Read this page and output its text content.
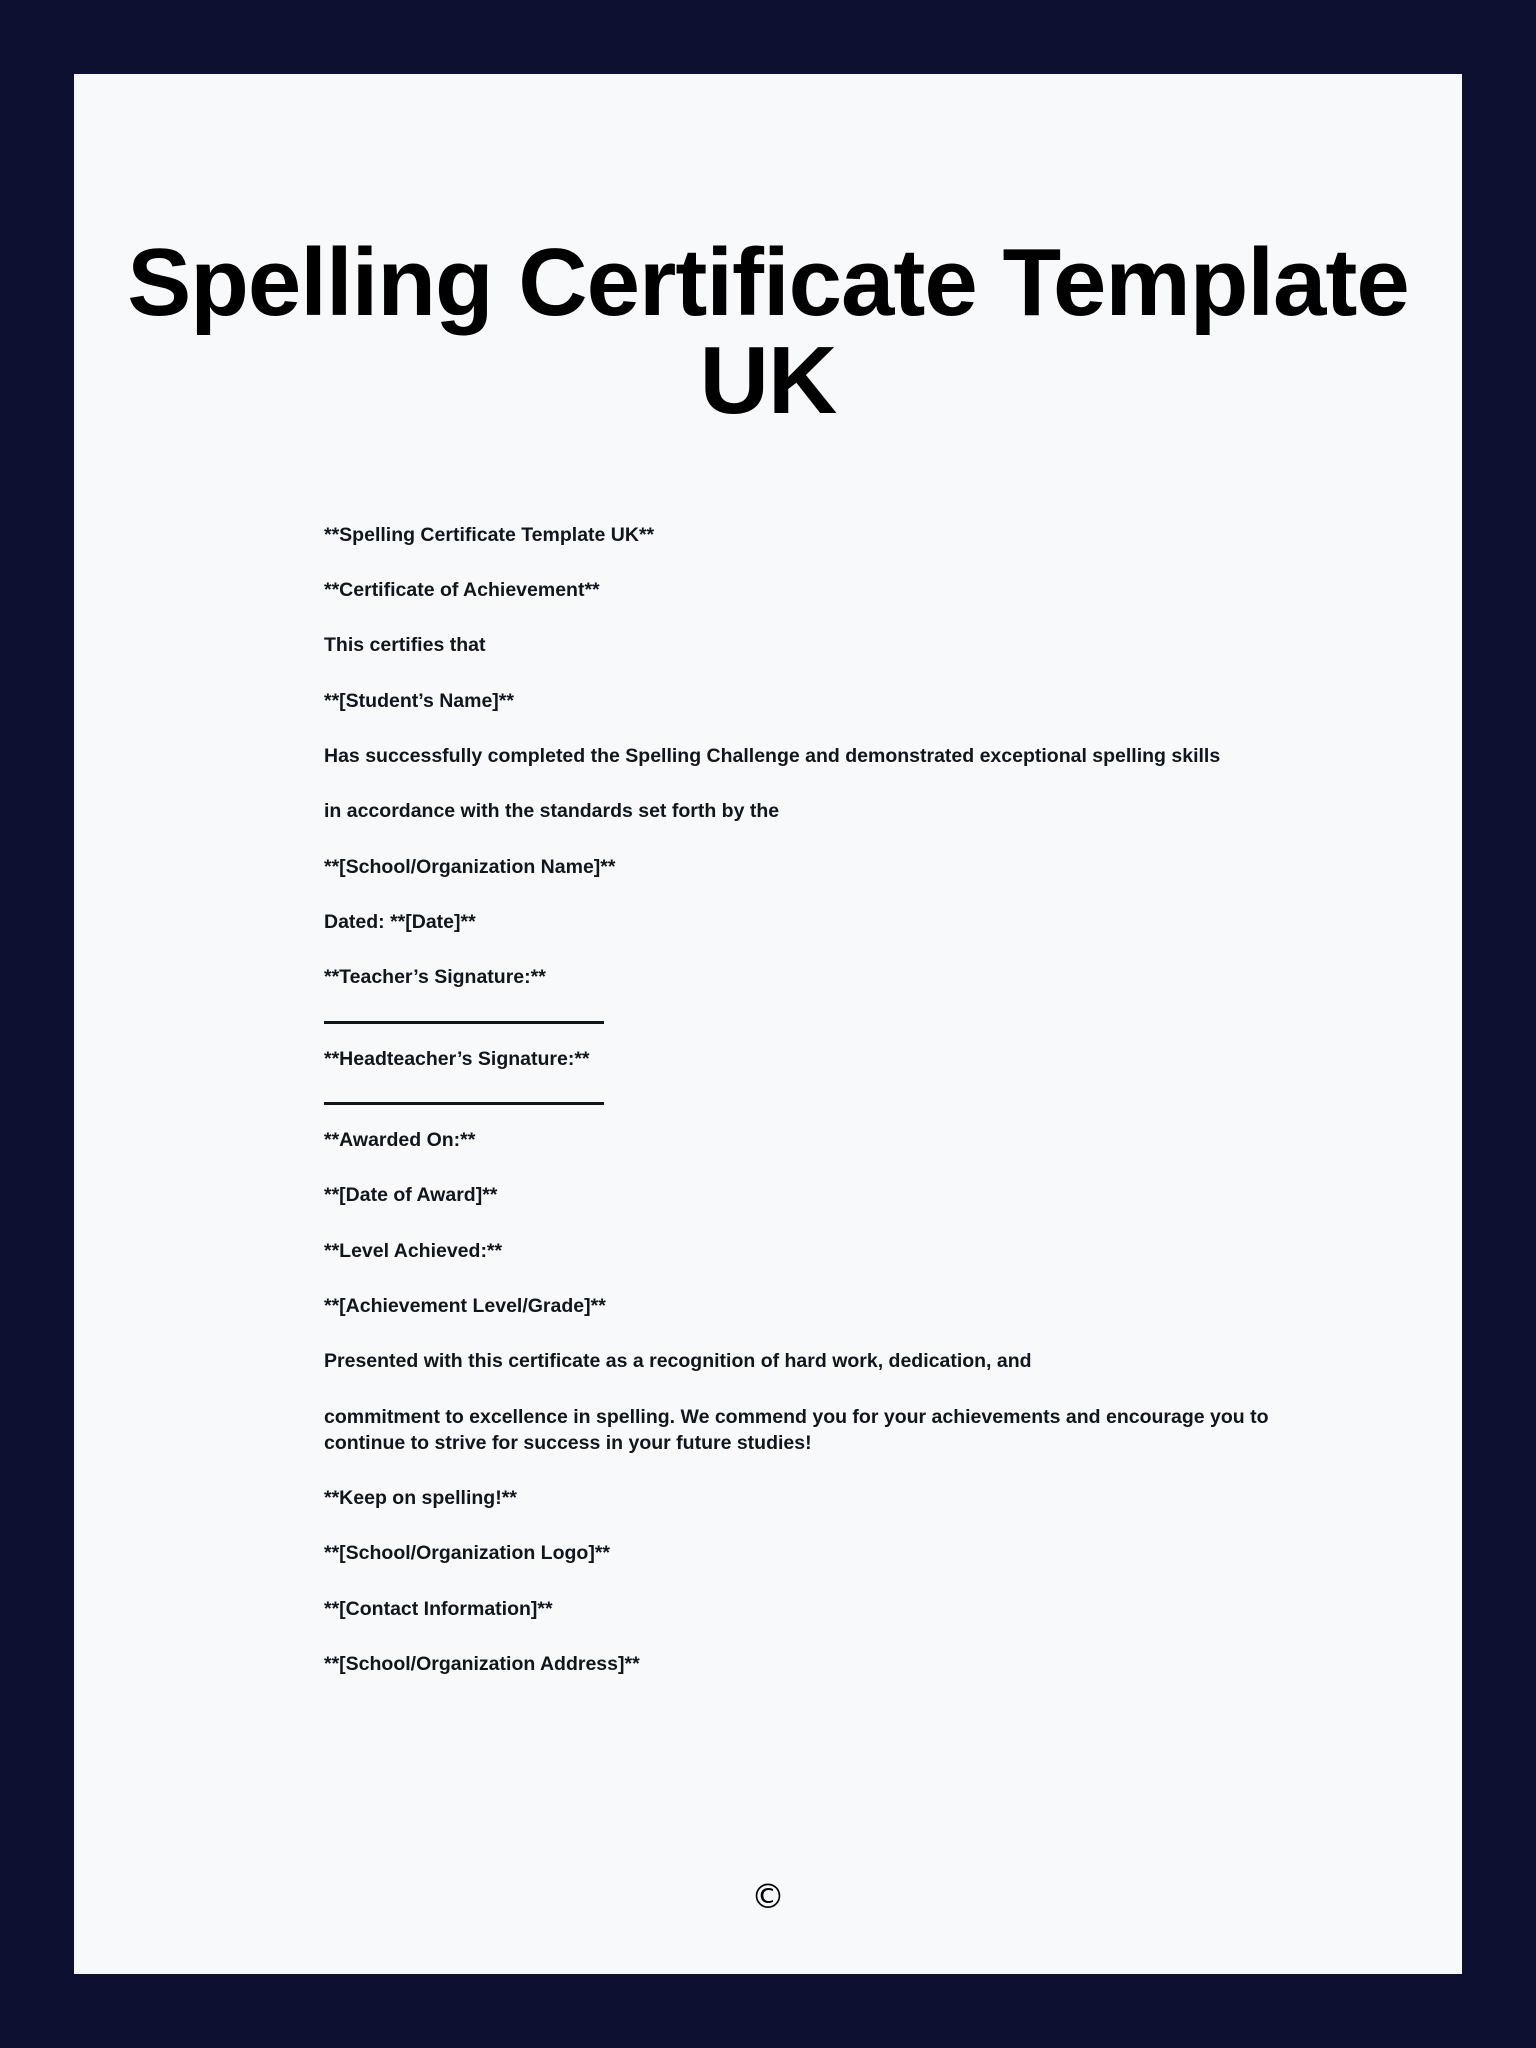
Spelling Certificate Template UK

**Spelling Certificate Template UK**

**Certificate of Achievement**

This certifies that

**[Student’s Name]**

Has successfully completed the Spelling Challenge and demonstrated exceptional spelling skills

in accordance with the standards set forth by the

**[School/Organization Name]**

Dated: **[Date]**

**Teacher’s Signature:**

**Headteacher’s Signature:**

**Awarded On:**

**[Date of Award]**

**Level Achieved:**

**[Achievement Level/Grade]**

Presented with this certificate as a recognition of hard work, dedication, and

commitment to excellence in spelling. We commend you for your achievements and encourage you to continue to strive for success in your future studies!

**Keep on spelling!**

**[School/Organization Logo]**

**[Contact Information]**

**[School/Organization Address]**

©
